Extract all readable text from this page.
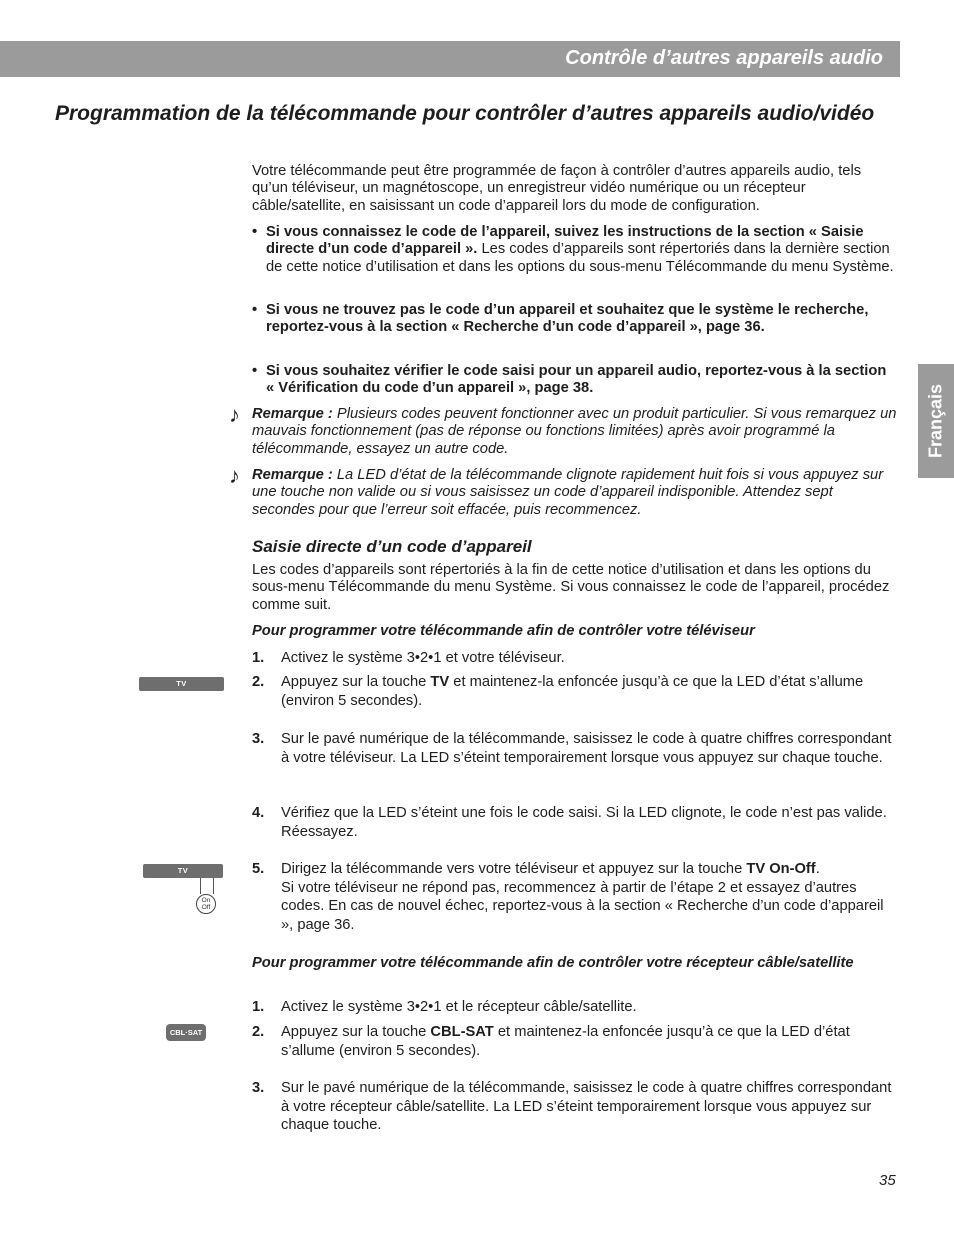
Contrôle d’autres appareils audio
Français
Programmation de la télécommande pour contrôler d’autres appareils audio/vidéo

Votre télécommande peut être programmée de façon à contrôler d’autres appareils audio, tels qu’un téléviseur, un magnétoscope, un enregistreur vidéo numérique ou un récepteur câble/satellite, en saisissant un code d’appareil lors du mode de configuration.

• Si vous connaissez le code de l’appareil, suivez les instructions de la section « Saisie directe d’un code d’appareil ». Les codes d’appareils sont répertoriés dans la dernière section de cette notice d’utilisation et dans les options du sous-menu Télécommande du menu Système.
• Si vous ne trouvez pas le code d’un appareil et souhaitez que le système le recherche, reportez-vous à la section « Recherche d’un code d’appareil », page 36.
• Si vous souhaitez vérifier le code saisi pour un appareil audio, reportez-vous à la section « Vérification du code d’un appareil », page 38.
♪ Remarque : Plusieurs codes peuvent fonctionner avec un produit particulier. Si vous remarquez un mauvais fonctionnement (pas de réponse ou fonctions limitées) après avoir programmé la télécommande, essayez un autre code.
♪ Remarque : La LED d’état de la télécommande clignote rapidement huit fois si vous appuyez sur une touche non valide ou si vous saisissez un code d’appareil indisponible. Attendez sept secondes pour que l’erreur soit effacée, puis recommencez.
Saisie directe d’un code d’appareil

Les codes d’appareils sont répertoriés à la fin de cette notice d’utilisation et dans les options du sous-menu Télécommande du menu Système. Si vous connaissez le code de l’appareil, procédez comme suit.

Pour programmer votre télécommande afin de contrôler votre téléviseur
1. Activez le système 3•2•1 et votre téléviseur.
TV	2. Appuyez sur la touche TV et maintenez-la enfoncée jusqu’à ce que la LED d’état s’allume (environ 5 secondes).
3. Sur le pavé numérique de la télécommande, saisissez le code à quatre chiffres correspondant à votre téléviseur. La LED s’éteint temporairement lorsque vous appuyez sur chaque touche.
4. Vérifiez que la LED s’éteint une fois le code saisi. Si la LED clignote, le code n’est pas valide. Réessayez.
TV
On
Off
5. Dirigez la télécommande vers votre téléviseur et appuyez sur la touche TV On-Off.
Si votre téléviseur ne répond pas, recommencez à partir de l’étape 2 et essayez d’autres codes. En cas de nouvel échec, reportez-vous à la section « Recherche d’un code d’appareil », page 36.
Pour programmer votre télécommande afin de contrôler votre récepteur câble/satellite
1. Activez le système 3•2•1 et le récepteur câble/satellite.
CBL·SAT	2. Appuyez sur la touche CBL-SAT et maintenez-la enfoncée jusqu’à ce que la LED d’état s’allume (environ 5 secondes).
3. Sur le pavé numérique de la télécommande, saisissez le code à quatre chiffres correspondant à votre récepteur câble/satellite. La LED s’éteint temporairement lorsque vous appuyez sur chaque touche.
35
